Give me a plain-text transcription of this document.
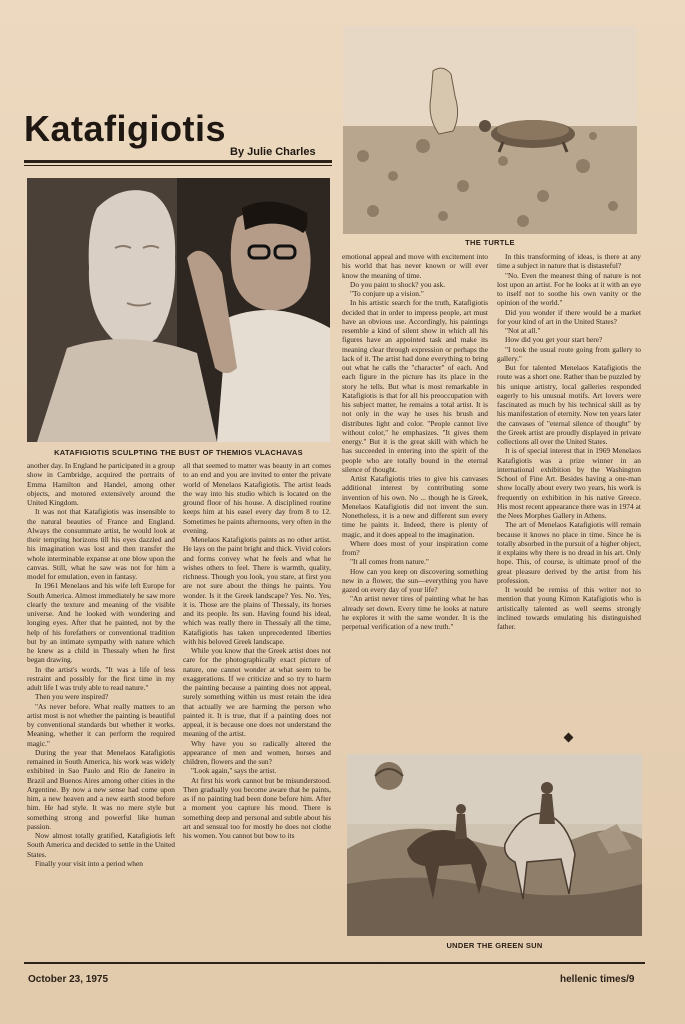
THE TURTLE
Katafigiotis
By Julie Charles
KATAFIGIOTIS SCULPTING THE BUST OF THEMIOS VLACHAVAS

another day. In England he participated in a group show in Cambridge, acquired the portraits of Emma Hamilton and Handel, among other objects, and motored extensively around the United Kingdom.

It was not that Katafigiotis was insensible to the natural beauties of France and England. Always the consummate artist, he would look at their tempting horizons till his eyes dazzled and his imagination was lost and then transfer the whole interminable expanse at one blow upon the canvas. Still, what he saw was not for him a model for emulation, even in fantasy.

In 1961 Menelaos and his wife left Europe for South America. Almost immediately he saw more clearly the texture and meaning of the visible universe. And he looked with wondering and longing eyes. After that he painted, not by the help of his forefathers or conventional tradition but by an intimate sympathy with nature which he knew as a child in Thessaly when he first began drawing.

In the artist's words, "It was a life of less restraint and possibly for the first time in my adult life I was truly able to read nature."

Then you were inspired?

"As never before. What really matters to an artist most is not whether the painting is beautiful by conventional standards but whether it works. Meaning, whether it can perform the required magic."

During the year that Menelaos Katafigiotis remained in South America, his work was widely exhibited in Sao Paulo and Rio de Janeiro in Brazil and Buenos Aires among other cities in the Argentine. By now a new sense had come upon him, a new heaven and a new earth stood before him. He had style. It was no mere style but something strong and powerful like human passion.

Now almost totally gratified, Katafigiotis left South America and decided to settle in the United States.

Finally your visit into a period when

all that seemed to matter was beauty in art comes to an end and you are invited to enter the private world of Menelaos Katafigiotis. The artist leads the way into his studio which is located on the ground floor of his house. A disciplined routine keeps him at his easel every day from 8 to 12. Sometimes he paints afternoons, very often in the evening.

Menelaos Katafigiotis paints as no other artist. He lays on the paint bright and thick. Vivid colors and forms convey what he feels and what he wishes others to feel. There is warmth, quality, richness. Though you look, you stare, at first you are not sure about the things he paints. You wonder. Is it the Greek landscape? Yes. No. Yes, it is. Those are the plains of Thessaly, its horses and its people. Its sun. Having found his ideal, which was really there in Thessaly all the time, Katafigiotis has taken unprecedented liberties with his beloved Greek landscape.

While you know that the Greek artist does not care for the photographically exact picture of nature, one cannot wonder at what seem to be exaggerations. If we criticize and so try to harm the painting because a painting does not appeal, surely something within us must retain the idea that actually we are harming the person who painted it. It is true, that if a painting does not appeal, it is because one does not understand the meaning of the artist.

Why have you so radically altered the appearance of men and women, horses and children, flowers and the sun?

"Look again," says the artist.

At first his work cannot but be misunderstood. Then gradually you become aware that he paints, as if no painting had been done before him. After a moment you capture his mood. There is something deep and personal and subtle about his art and sensual too for mostly he does not clothe his women. You cannot but bow to its

emotional appeal and move with excitement into his world that has never known or will ever know the meaning of time.

Do you paint to shock? you ask.

"To conjure up a vision."

In his artistic search for the truth, Katafigiotis decided that in order to impress people, art must have an obvious use. Accordingly, his paintings resemble a kind of silent show in which all his figures have an appointed task and make its meaning clear through expression or perhaps the lack of it. The artist had done everything to bring out what he calls the "character" of each. And each figure in the picture has its place in the story he tells. But what is most remarkable in Katafigiotis is that for all his preoccupation with his subject matter, he remains a total artist. It is not only in the way he uses his brush and distributes light and color. "People cannot live without color," he emphasizes. "It gives them energy." But it is the great skill with which he has succeeded in entering into the spirit of the people who are totally bound in the eternal silence of thought.

Artist Katafigiotis tries to give his canvases additional interest by contributing some invention of his own. No ... though he is Greek, Menelaos Katafigiotis did not invent the sun. Nonetheless, it is a new and different sun every time he paints it. Indeed, there is plenty of magic, and it does appeal to the imagination.

Where does most of your inspiration come from?

"It all comes from nature."

How can you keep on discovering something new in a flower, the sun—everything you have gazed on every day of your life?

"An artist never tires of painting what he has already set down. Every time he looks at nature he explores it with the same wonder. It is the perpetual verification of a new truth."

In this transforming of ideas, is there at any time a subject in nature that is distasteful?

"No. Even the meanest thing of nature is not lost upon an artist. For he looks at it with an eye to itself not to soothe his own vanity or the opinion of the world."

Did you wonder if there would be a market for your kind of art in the United States?

"Not at all."

How did you get your start here?

"I took the usual route going from gallery to gallery."

But for talented Menelaos Katafigiotis the route was a short one. Rather than be puzzled by his unique artistry, local galleries responded eagerly to his unusual motifs. Art lovers were fascinated as much by his technical skill as by his manifestation of eternity. Now ten years later the canvases of "eternal silence of thought" by the Greek artist are proudly displayed in private collections all over the United States.

It is of special interest that in 1969 Menelaos Katafigiotis was a prize winner in an international exhibition by the Washington School of Fine Art. Besides having a one-man show locally about every two years, his work is frequently on exhibition in his native Greece. His most recent appearance there was in 1974 at the Nees Morphes Gallery in Athens.

The art of Menelaos Katafigiotis will remain because it knows no place in time. Since he is totally absorbed in the pursuit of a higher object, it explains why there is no dread in his art. Only hope. This, of course, is ultimate proof of the great pleasure derived by the artist from his profession.

It would be remiss of this writer not to mention that young Kimon Katafigiotis who is artistically talented as well seems strongly inclined towards emulating his distinguished father.

UNDER THE GREEN SUN
October 23, 1975	hellenic times/9
